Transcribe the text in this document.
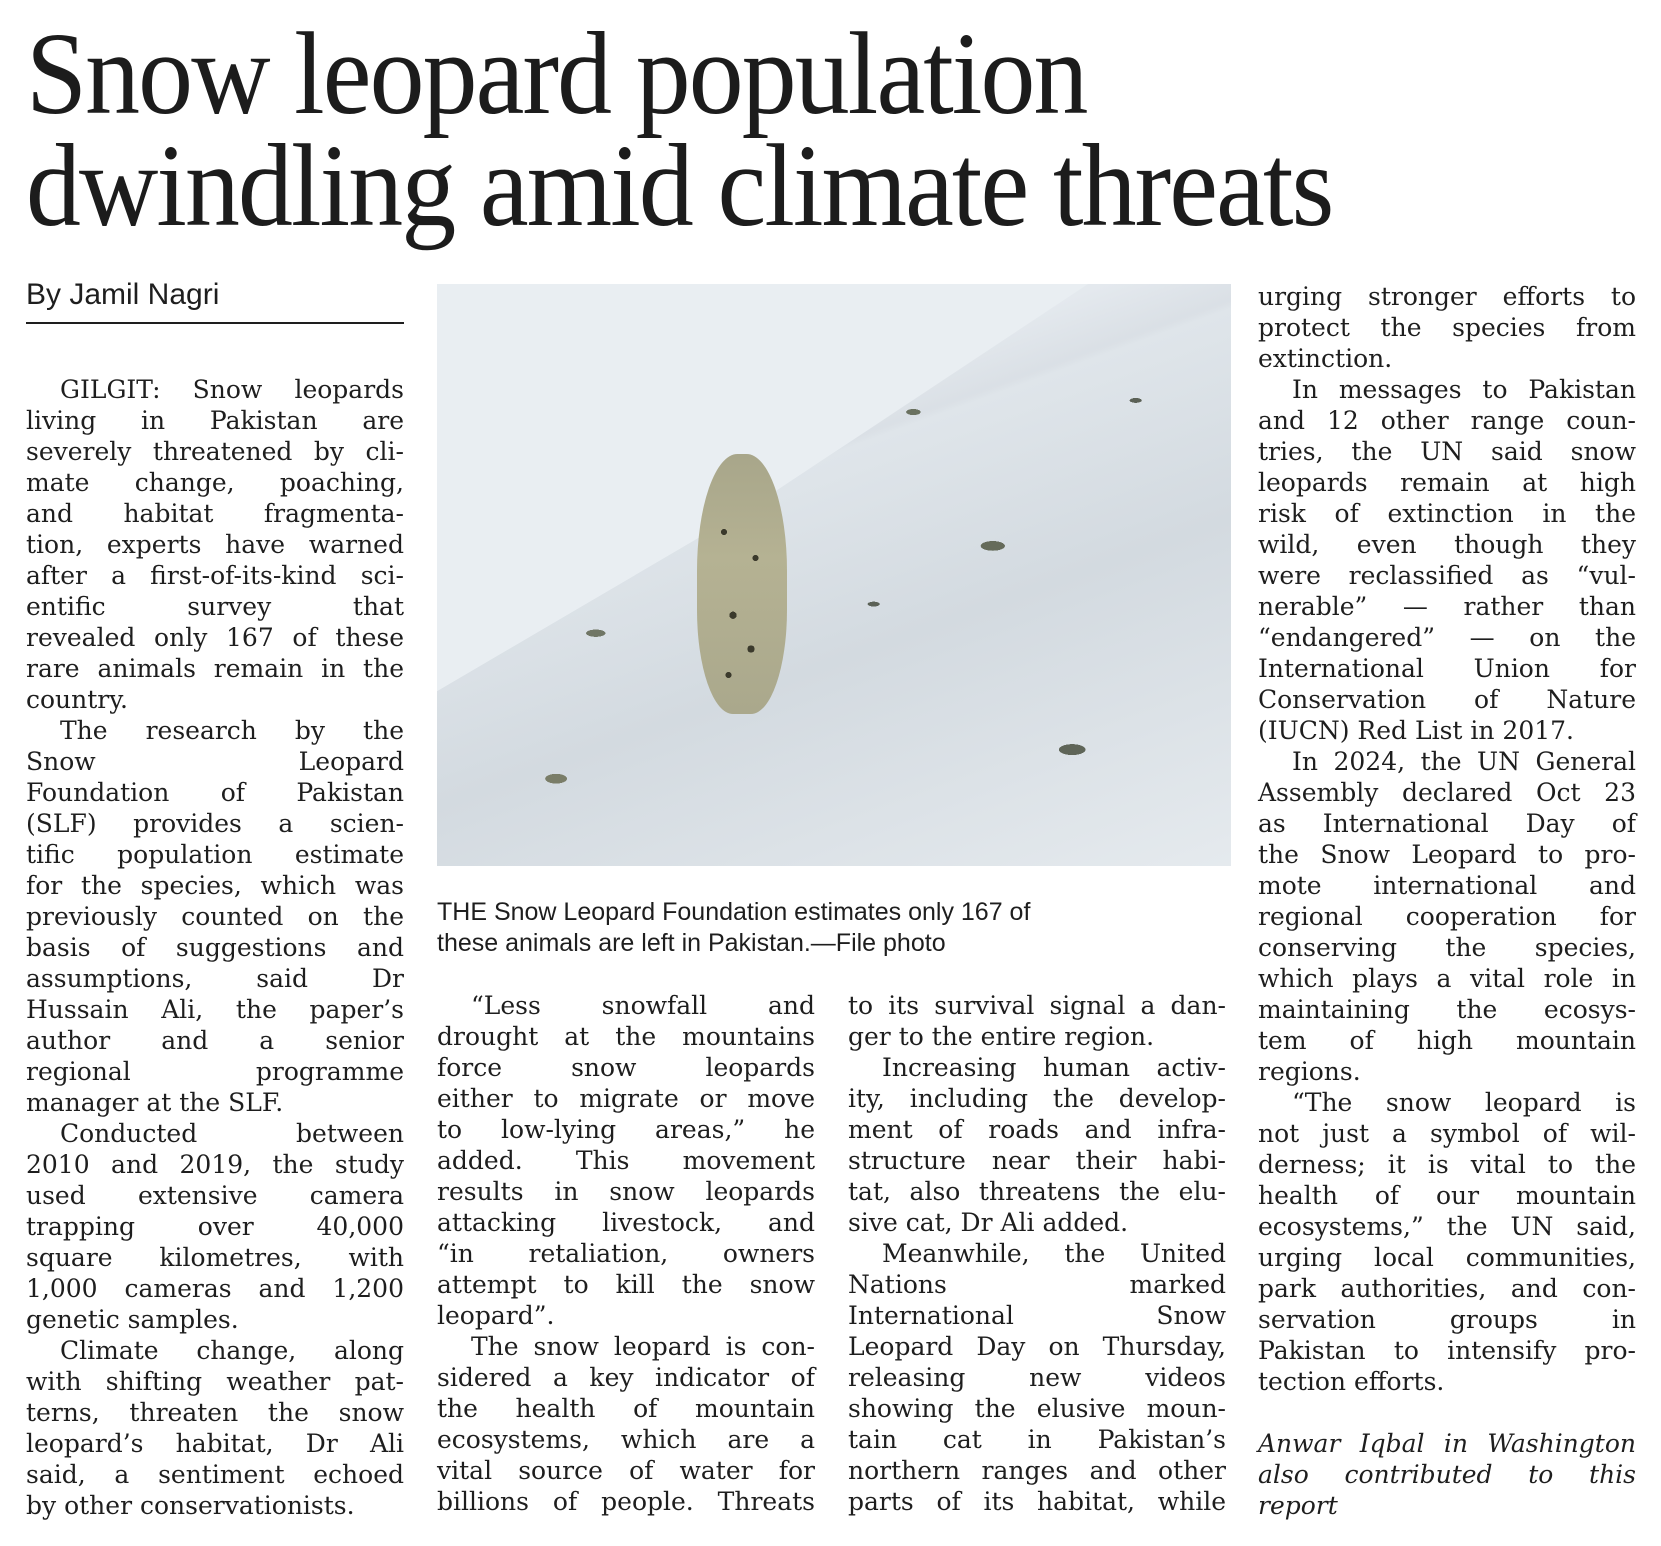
Snow leopard population
dwindling amid climate threats
By Jamil Nagri
GILGIT: Snow leopards
living in Pakistan are
severely threatened by cli-
mate change, poaching,
and habitat fragmenta-
tion, experts have warned
after a first-of-its-kind sci-
entific survey that
revealed only 167 of these
rare animals remain in the
country.
The research by the
Snow Leopard
Foundation of Pakistan
(SLF) provides a scien-
tific population estimate
for the species, which was
previously counted on the
basis of suggestions and
assumptions, said Dr
Hussain Ali, the paper’s
author and a senior
regional programme
manager at the SLF.
Conducted between
2010 and 2019, the study
used extensive camera
trapping over 40,000
square kilometres, with
1,000 cameras and 1,200
genetic samples.
Climate change, along
with shifting weather pat-
terns, threaten the snow
leopard’s habitat, Dr Ali
said, a sentiment echoed
by other conservationists.
“Less snowfall and
drought at the mountains
force snow leopards
either to migrate or move
to low-lying areas,” he
added. This movement
results in snow leopards
attacking livestock, and
“in retaliation, owners
attempt to kill the snow
leopard”.
The snow leopard is con-
sidered a key indicator of
the health of mountain
ecosystems, which are a
vital source of water for
billions of people. Threats
to its survival signal a dan-
ger to the entire region.
Increasing human activ-
ity, including the develop-
ment of roads and infra-
structure near their habi-
tat, also threatens the elu-
sive cat, Dr Ali added.
Meanwhile, the United
Nations marked
International Snow
Leopard Day on Thursday,
releasing new videos
showing the elusive moun-
tain cat in Pakistan’s
northern ranges and other
parts of its habitat, while
urging stronger efforts to
protect the species from
extinction.
In messages to Pakistan
and 12 other range coun-
tries, the UN said snow
leopards remain at high
risk of extinction in the
wild, even though they
were reclassified as “vul-
nerable” — rather than
“endangered” — on the
International Union for
Conservation of Nature
(IUCN) Red List in 2017.
In 2024, the UN General
Assembly declared Oct 23
as International Day of
the Snow Leopard to pro-
mote international and
regional cooperation for
conserving the species,
which plays a vital role in
maintaining the ecosys-
tem of high mountain
regions.
“The snow leopard is
not just a symbol of wil-
derness; it is vital to the
health of our mountain
ecosystems,” the UN said,
urging local communities,
park authorities, and con-
servation groups in
Pakistan to intensify pro-
tection efforts.
Anwar Iqbal in Washington
also contributed to this
report
THE Snow Leopard Foundation estimates only 167 of
these animals are left in Pakistan.—File photo
